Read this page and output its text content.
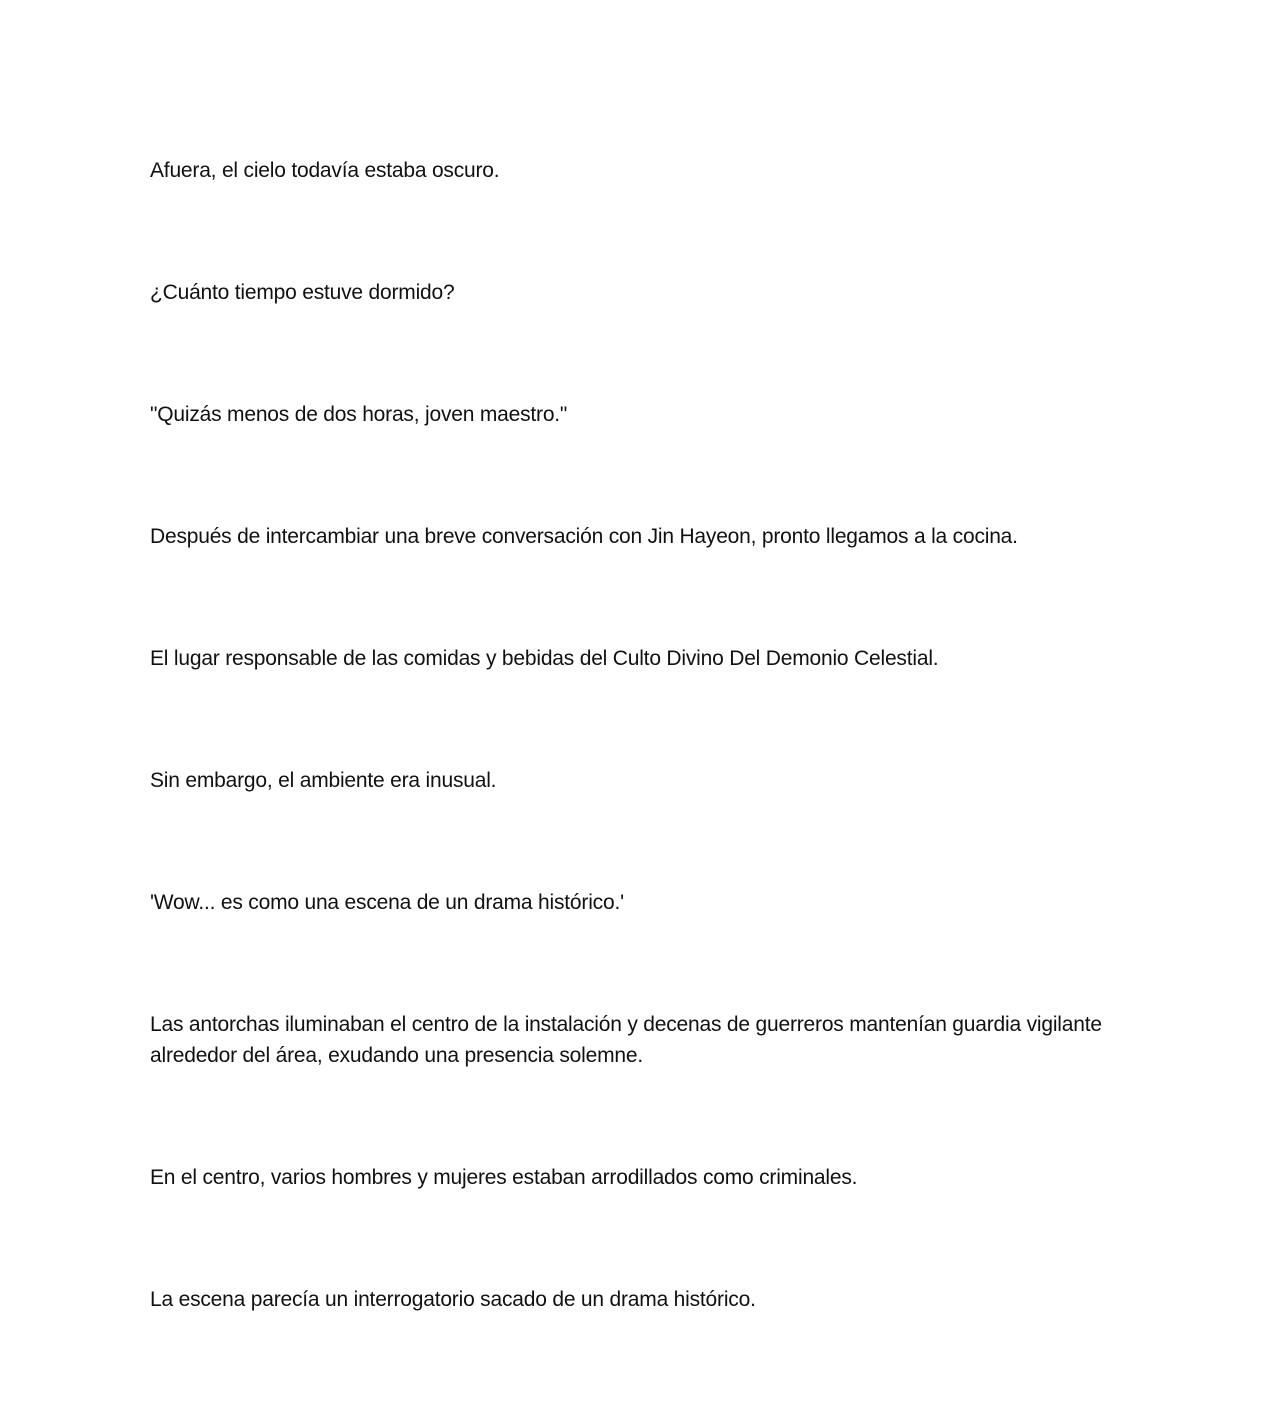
Afuera, el cielo todavía estaba oscuro.

¿Cuánto tiempo estuve dormido?

"Quizás menos de dos horas, joven maestro."

Después de intercambiar una breve conversación con Jin Hayeon, pronto llegamos a la cocina.

El lugar responsable de las comidas y bebidas del Culto Divino Del Demonio Celestial.

Sin embargo, el ambiente era inusual.

'Wow... es como una escena de un drama histórico.'

Las antorchas iluminaban el centro de la instalación y decenas de guerreros mantenían guardia vigilante alrededor del área, exudando una presencia solemne.

En el centro, varios hombres y mujeres estaban arrodillados como criminales.

La escena parecía un interrogatorio sacado de un drama histórico.
